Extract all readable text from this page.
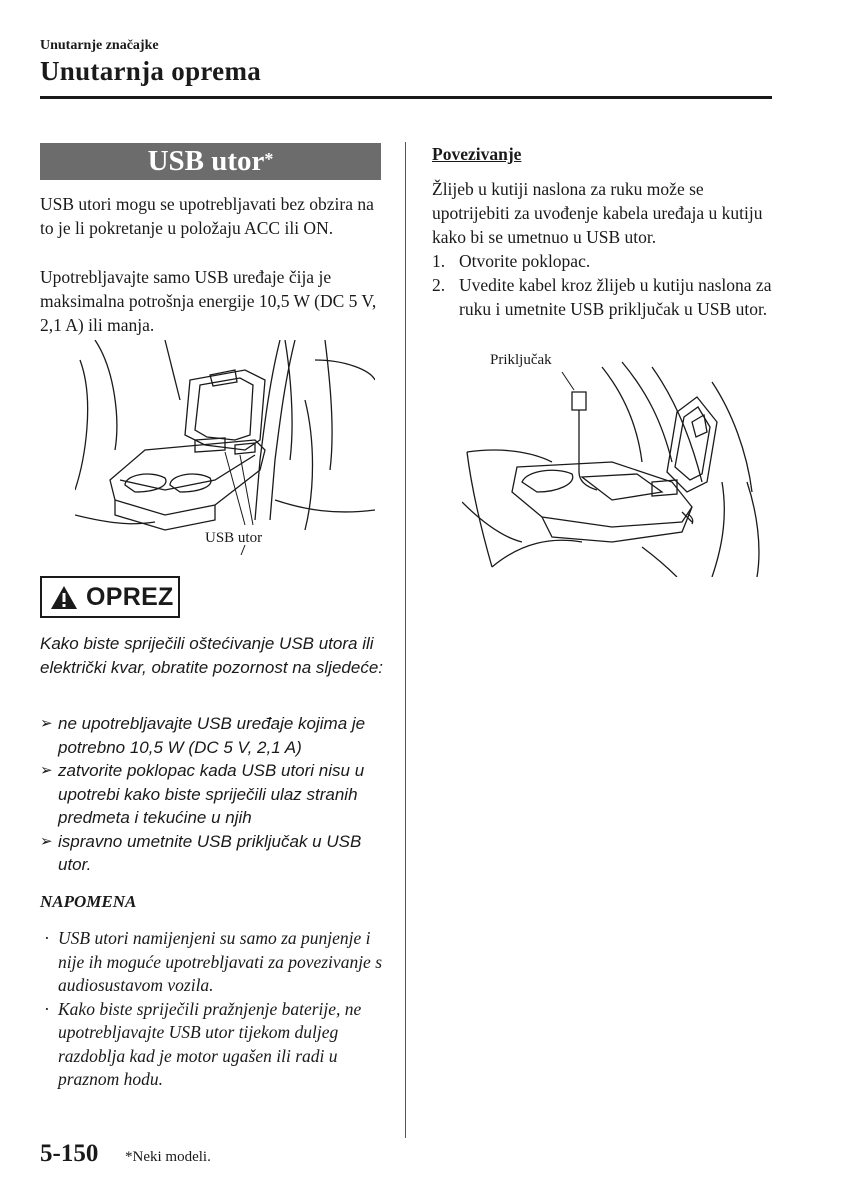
Unutarnje značajke
Unutarnja oprema
USB utor*
USB utori mogu se upotrebljavati bez obzira na to je li pokretanje u položaju ACC ili ON.
Upotrebljavajte samo USB uređaje čija je maksimalna potrošnja energije 10,5 W (DC 5 V, 2,1 A) ili manja.
USB utor
OPREZ
Kako biste spriječili oštećivanje USB utora ili električki kvar, obratite pozornost na sljedeće:
➢ ne upotrebljavajte USB uređaje kojima je potrebno 10,5 W (DC 5 V, 2,1 A)
➢ zatvorite poklopac kada USB utori nisu u upotrebi kako biste spriječili ulaz stranih predmeta i tekućine u njih
➢ ispravno umetnite USB priključak u USB utor.
NAPOMENA
· USB utori namijenjeni su samo za punjenje i nije ih moguće upotrebljavati za povezivanje s audiosustavom vozila.
· Kako biste spriječili pražnjenje baterije, ne upotrebljavajte USB utor tijekom duljeg razdoblja kad je motor ugašen ili radi u praznom hodu.
Povezivanje
Žlijeb u kutiji naslona za ruku može se upotrijebiti za uvođenje kabela uređaja u kutiju kako bi se umetnuo u USB utor.
1. Otvorite poklopac.
2. Uvedite kabel kroz žlijeb u kutiju naslona za ruku i umetnite USB priključak u USB utor.
Priključak
5-150 *Neki modeli.
